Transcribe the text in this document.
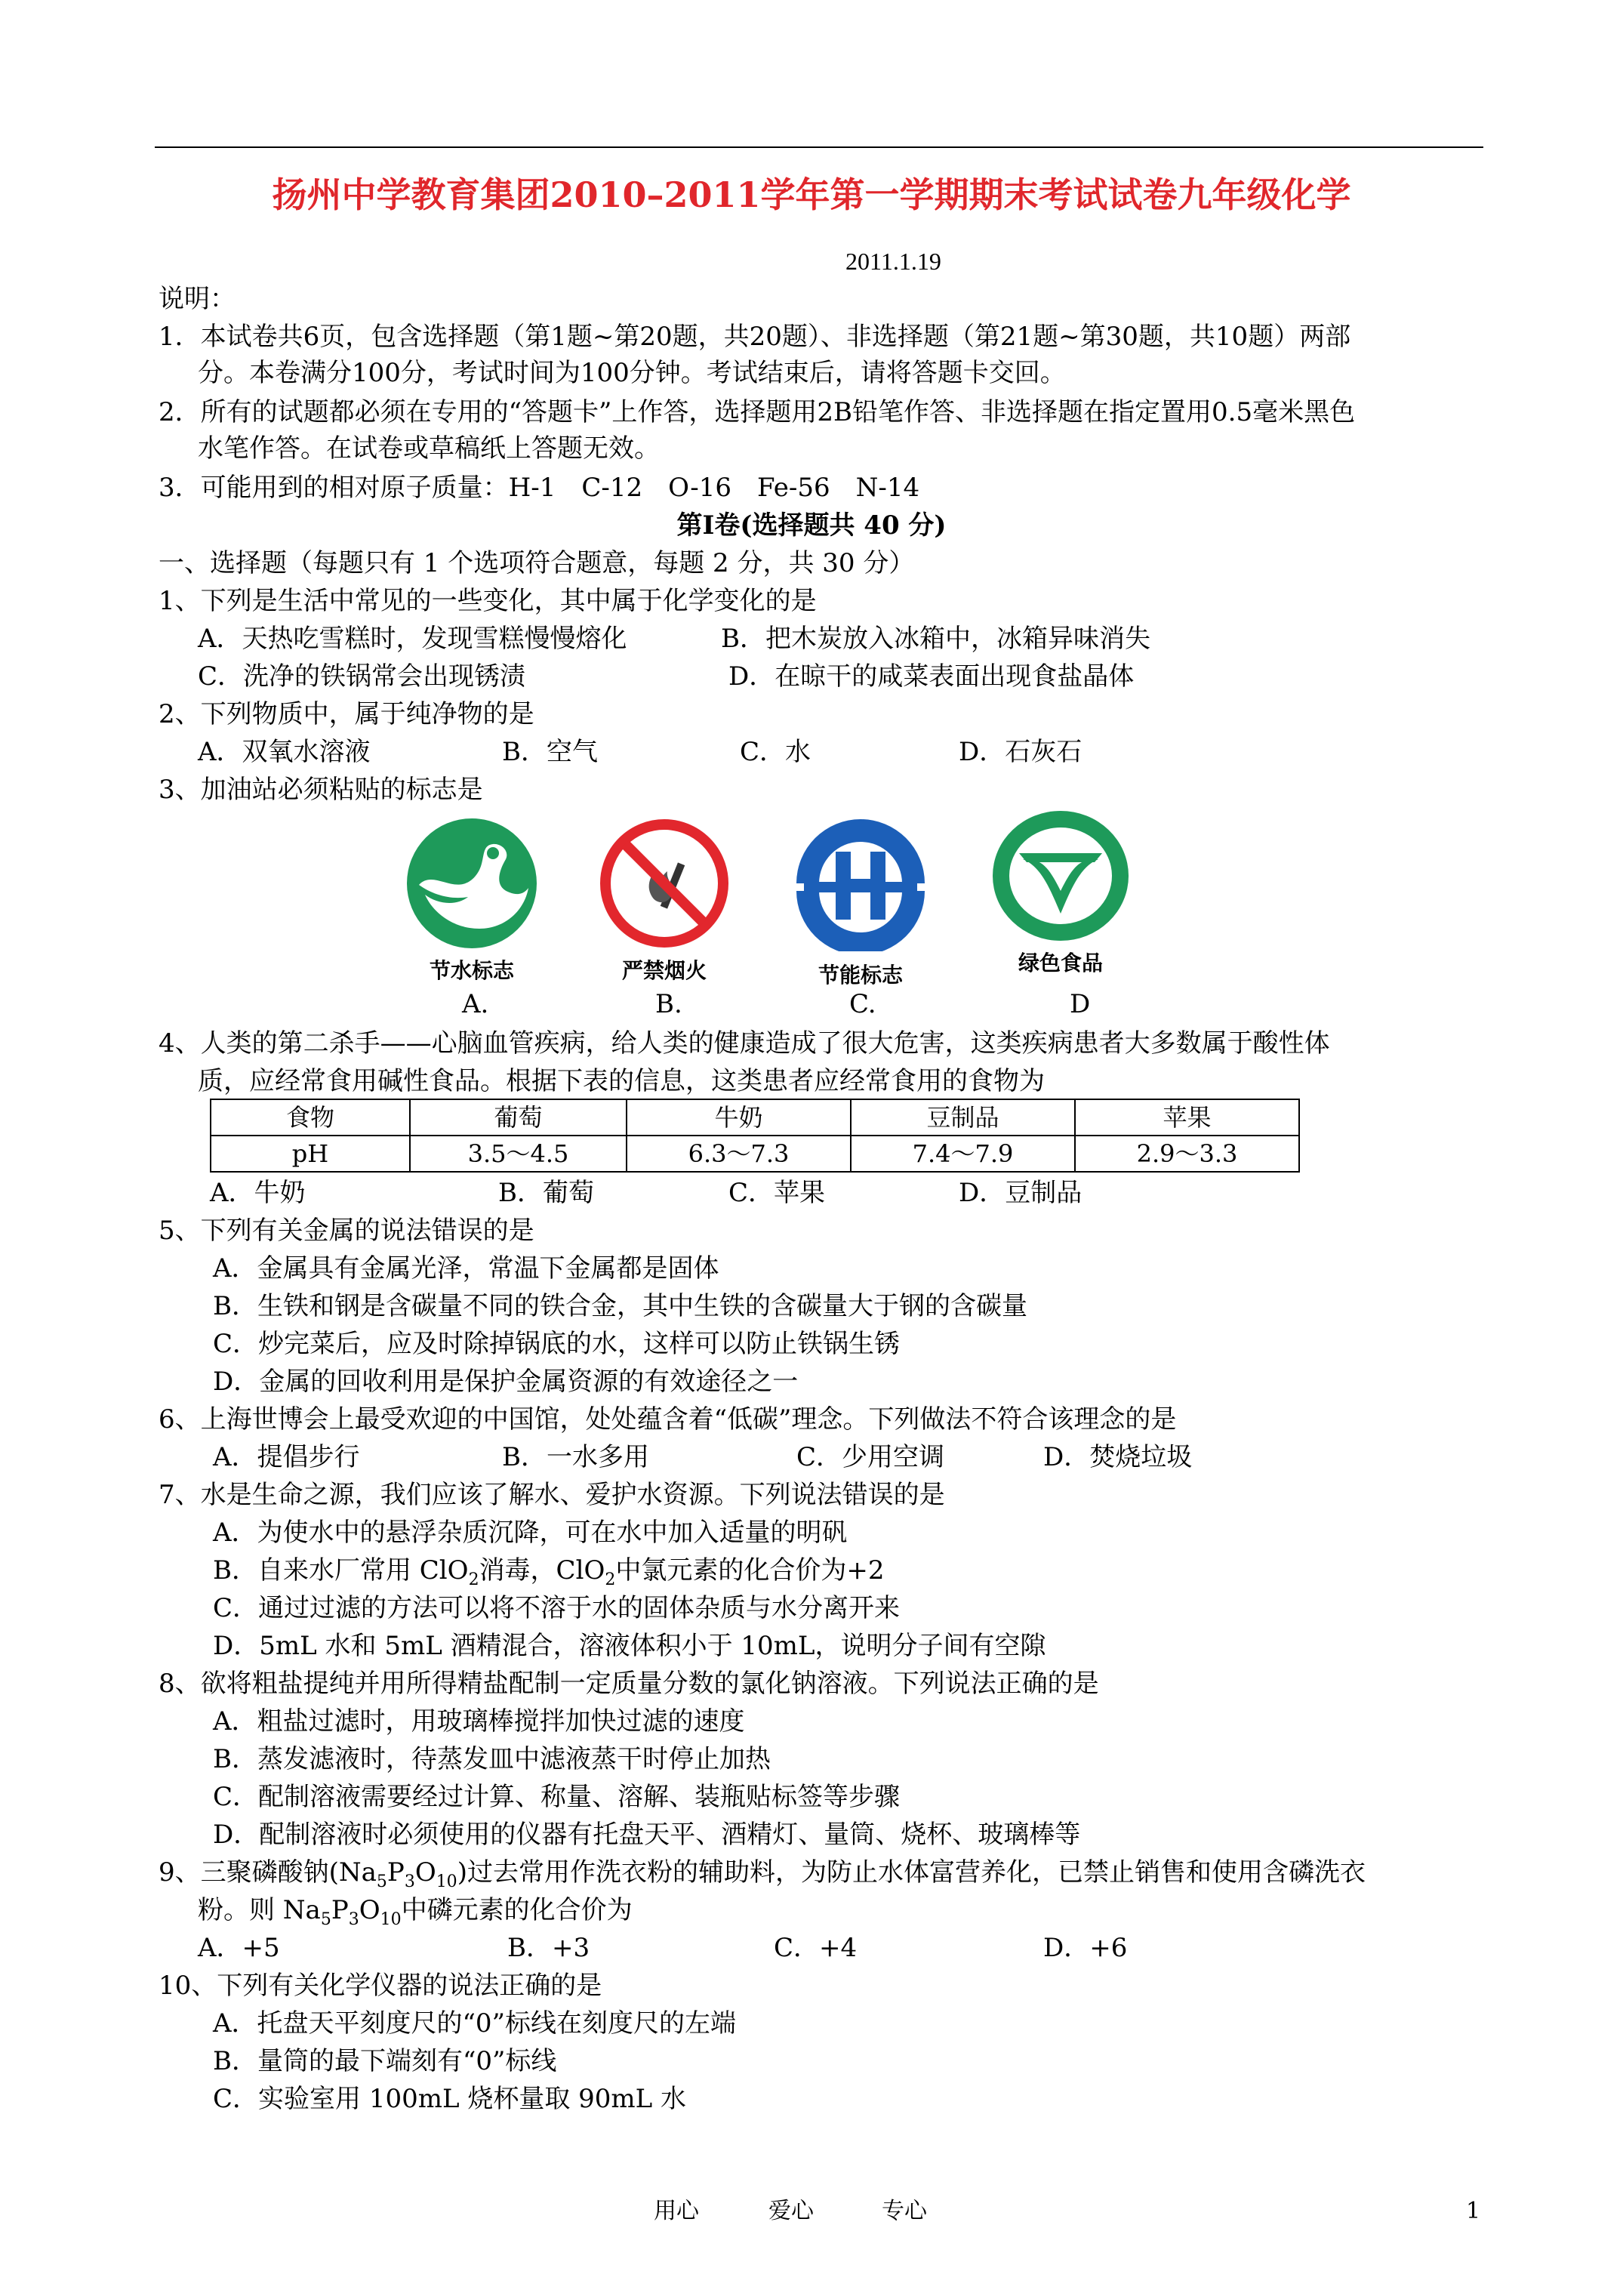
扬州中学教育集团2010–2011学年第一学期期末考试试卷九年级化学
2011.1.19
说明：
1．本试卷共6页，包含选择题（第1题~第20题，共20题）、非选择题（第21题~第30题，共10题）两部
分。本卷满分100分，考试时间为100分钟。考试结束后，请将答题卡交回。
2．所有的试题都必须在专用的“答题卡”上作答，选择题用2B铅笔作答、非选择题在指定置用0.5毫米黑色
水笔作答。在试卷或草稿纸上答题无效。
3．可能用到的相对原子质量：H-1　C-12　O-16　Fe-56　N-14
第Ⅰ卷(选择题共 40 分)
一、选择题（每题只有 1 个选项符合题意，每题 2 分，共 30 分）
1、下列是生活中常见的一些变化，其中属于化学变化的是
A．天热吃雪糕时，发现雪糕慢慢熔化	B．把木炭放入冰箱中，冰箱异味消失
C．洗净的铁锅常会出现锈渍	D．在晾干的咸菜表面出现食盐晶体
2、下列物质中，属于纯净物的是
A．双氧水溶液	B．空气	C．水	D．石灰石
3、加油站必须粘贴的标志是
节水标志	严禁烟火	节能标志	绿色食品
A.	B.	C.	D
4、人类的第二杀手——心脑血管疾病，给人类的健康造成了很大危害，这类疾病患者大多数属于酸性体
质，应经常食用碱性食品。根据下表的信息，这类患者应经常食用的食物为
食物	葡萄	牛奶	豆制品	苹果
pH	3.5～4.5	6.3～7.3	7.4～7.9	2.9～3.3
A．牛奶	B．葡萄	C．苹果	D．豆制品
5、下列有关金属的说法错误的是
A．金属具有金属光泽，常温下金属都是固体
B．生铁和钢是含碳量不同的铁合金，其中生铁的含碳量大于钢的含碳量
C．炒完菜后，应及时除掉锅底的水，这样可以防止铁锅生锈
D．金属的回收利用是保护金属资源的有效途径之一
6、上海世博会上最受欢迎的中国馆，处处蕴含着“低碳”理念。下列做法不符合该理念的是
A．提倡步行	B．一水多用	C．少用空调	D．焚烧垃圾
7、水是生命之源，我们应该了解水、爱护水资源。下列说法错误的是
A．为使水中的悬浮杂质沉降，可在水中加入适量的明矾
B．自来水厂常用 ClO$_2$消毒，ClO$_2$中氯元素的化合价为+2
C．通过过滤的方法可以将不溶于水的固体杂质与水分离开来
D．5mL 水和 5mL 酒精混合，溶液体积小于 10mL，说明分子间有空隙
8、欲将粗盐提纯并用所得精盐配制一定质量分数的氯化钠溶液。下列说法正确的是
A．粗盐过滤时，用玻璃棒搅拌加快过滤的速度
B．蒸发滤液时，待蒸发皿中滤液蒸干时停止加热
C．配制溶液需要经过计算、称量、溶解、装瓶贴标签等步骤
D．配制溶液时必须使用的仪器有托盘天平、酒精灯、量筒、烧杯、玻璃棒等
9、三聚磷酸钠$(Na_5P_3O_{10})$过去常用作洗衣粉的辅助料，为防止水体富营养化，已禁止销售和使用含磷洗衣
粉。则 $Na_5P_3O_{10}$中磷元素的化合价为
A．+5	B．+3	C．+4	D．+6
10、下列有关化学仪器的说法正确的是
A．托盘天平刻度尺的“0”标线在刻度尺的左端
B．量筒的最下端刻有“0”标线
C．实验室用 100mL 烧杯量取 90mL 水
用心	爱心	专心	1
